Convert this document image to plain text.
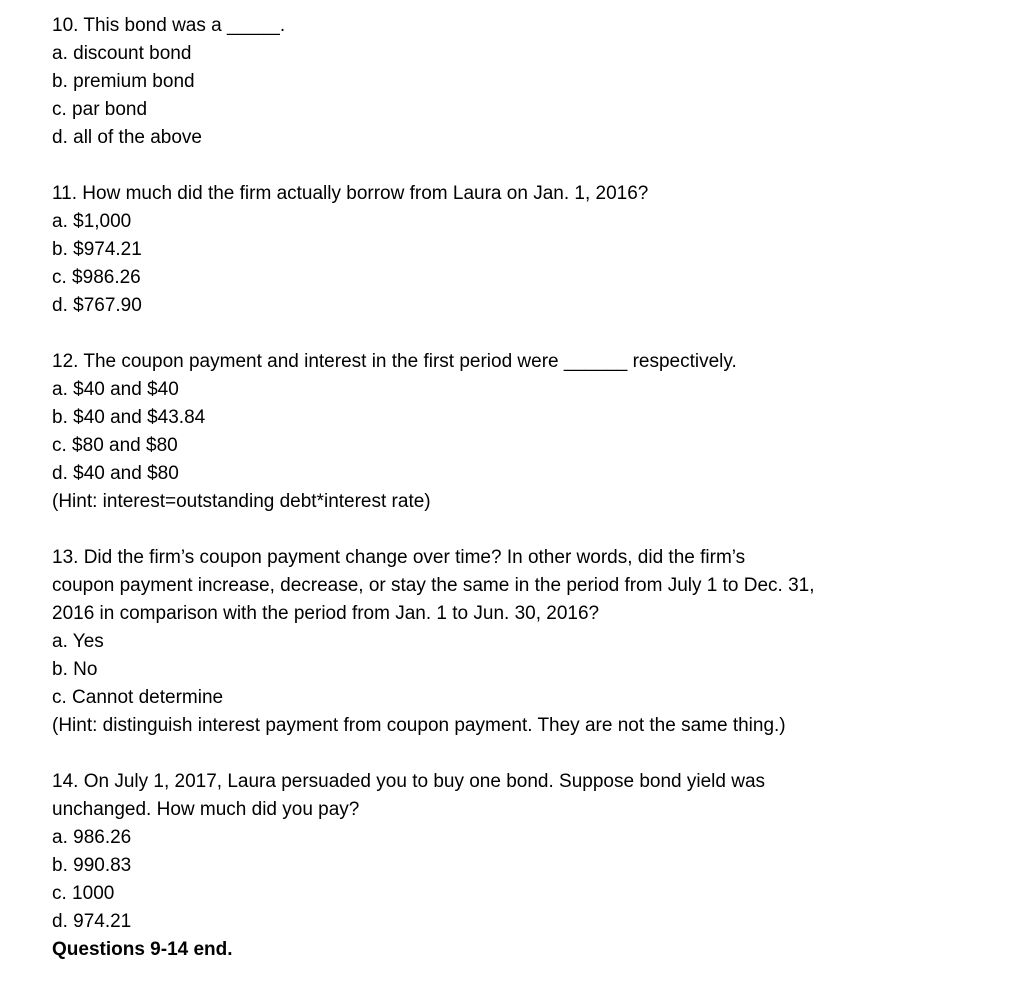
10. This bond was a _____.
a. discount bond
b. premium bond
c. par bond
d. all of the above
11. How much did the firm actually borrow from Laura on Jan. 1, 2016?
a. $1,000
b. $974.21
c. $986.26
d. $767.90
12. The coupon payment and interest in the first period were ______ respectively.
a. $40 and $40
b. $40 and $43.84
c. $80 and $80
d. $40 and $80
(Hint: interest=outstanding debt*interest rate)
13. Did the firm’s coupon payment change over time? In other words, did the firm’s
coupon payment increase, decrease, or stay the same in the period from July 1 to Dec. 31,
2016 in comparison with the period from Jan. 1 to Jun. 30, 2016?
a. Yes
b. No
c. Cannot determine
(Hint: distinguish interest payment from coupon payment. They are not the same thing.)
14. On July 1, 2017, Laura persuaded you to buy one bond. Suppose bond yield was
unchanged. How much did you pay?
a. 986.26
b. 990.83
c. 1000
d. 974.21
Questions 9-14 end.
